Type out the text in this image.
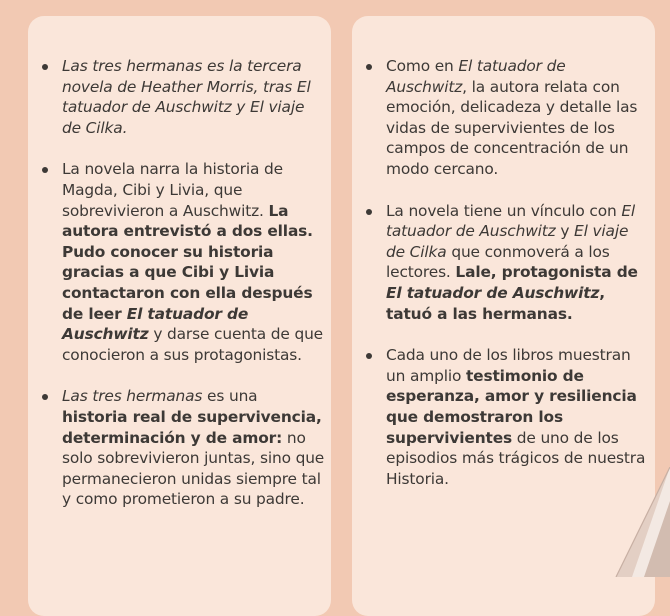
Las tres hermanas es la tercera novela de Heather Morris, tras El tatuador de Auschwitz y El viaje de Cilka.
La novela narra la historia de Magda, Cibi y Livia, que sobrevivieron a Auschwitz. La autora entrevistó a dos ellas. Pudo conocer su historia gracias a que Cibi y Livia contactaron con ella después de leer El tatuador de Auschwitz y darse cuenta de que conocieron a sus protagonistas.
Las tres hermanas es una historia real de supervivencia, determinación y de amor: no solo sobrevivieron juntas, sino que permanecieron unidas siempre tal y como prometieron a su padre.
Como en El tatuador de Auschwitz, la autora relata con emoción, delicadeza y detalle las vidas de supervivientes de los campos de concentración de un modo cercano.
La novela tiene un vínculo con El tatuador de Auschwitz y El viaje de Cilka que conmoverá a los lectores. Lale, protagonista de El tatuador de Auschwitz, tatuó a las hermanas.
Cada uno de los libros muestran un amplio testimonio de esperanza, amor y resiliencia que demostraron los supervivientes de uno de los episodios más trágicos de nuestra Historia.
